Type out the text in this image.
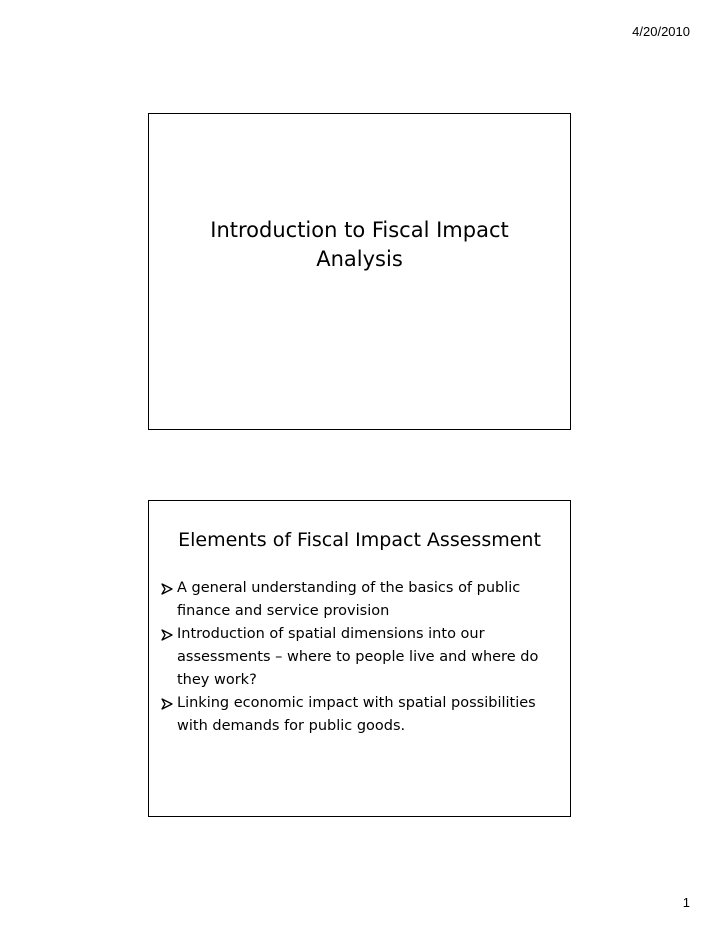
4/20/2010
Introduction to Fiscal Impact
Analysis
Elements of Fiscal Impact Assessment
A general understanding of the basics of public finance and service provision
Introduction of spatial dimensions into our assessments – where to people live and where do they work?
Linking economic impact with spatial possibilities with demands for public goods.
1
